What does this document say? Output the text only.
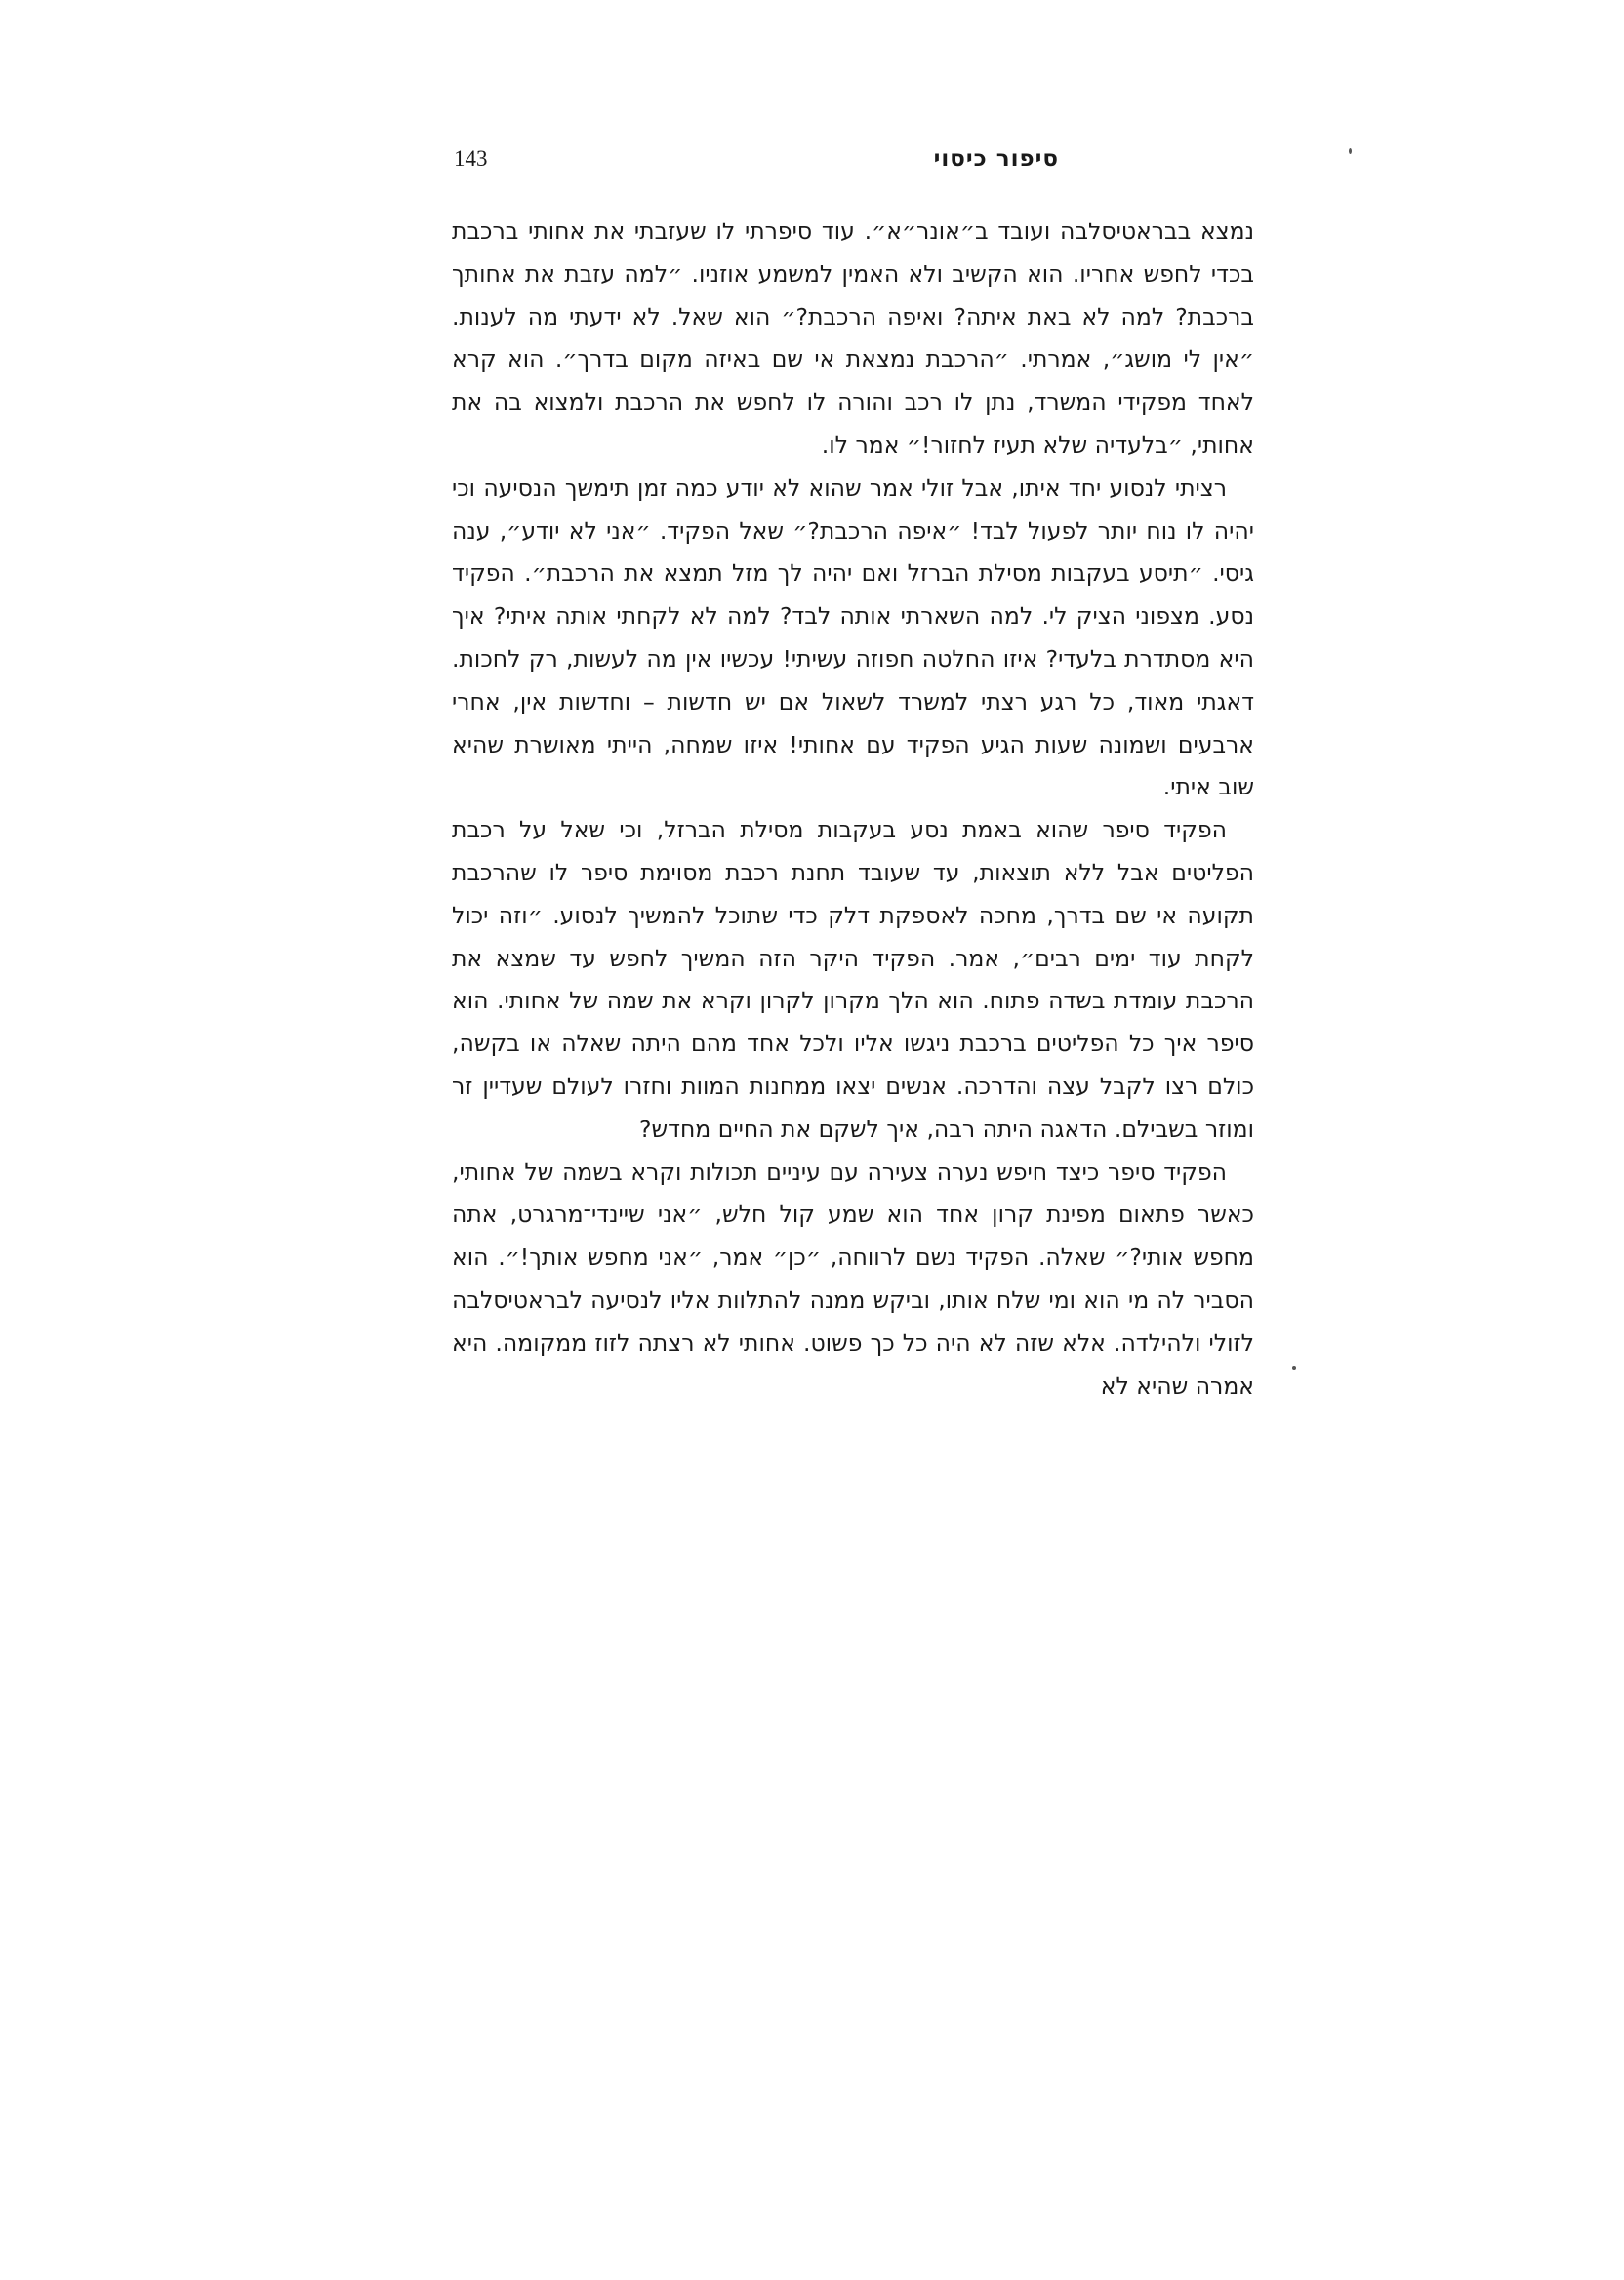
143	סיפור כיסוי

נמצא בבראטיסלבה ועובד ב״אונר״א״. עוד סיפרתי לו שעזבתי את אחותי ברכבת בכדי לחפש אחריו. הוא הקשיב ולא האמין למשמע אוזניו. ״למה עזבת את אחותך ברכבת? למה לא באת איתה? ואיפה הרכבת?״ הוא שאל. לא ידעתי מה לענות. ״אין לי מושג״, אמרתי. ״הרכבת נמצאת אי שם באיזה מקום בדרך״. הוא קרא לאחד מפקידי המשרד, נתן לו רכב והורה לו לחפש את הרכבת ולמצוא בה את אחותי, ״בלעדיה שלא תעיז לחזור!״ אמר לו.

רציתי לנסוע יחד איתו, אבל זולי אמר שהוא לא יודע כמה זמן תימשך הנסיעה וכי יהיה לו נוח יותר לפעול לבד! ״איפה הרכבת?״ שאל הפקיד. ״אני לא יודע״, ענה גיסי. ״תיסע בעקבות מסילת הברזל ואם יהיה לך מזל תמצא את הרכבת״. הפקיד נסע. מצפוני הציק לי. למה השארתי אותה לבד? למה לא לקחתי אותה איתי? איך היא מסתדרת בלעדי? איזו החלטה חפוזה עשיתי! עכשיו אין מה לעשות, רק לחכות. דאגתי מאוד, כל רגע רצתי למשרד לשאול אם יש חדשות – וחדשות אין, אחרי ארבעים ושמונה שעות הגיע הפקיד עם אחותי! איזו שמחה, הייתי מאושרת שהיא שוב איתי.

הפקיד סיפר שהוא באמת נסע בעקבות מסילת הברזל, וכי שאל על רכבת הפליטים אבל ללא תוצאות, עד שעובד תחנת רכבת מסוימת סיפר לו שהרכבת תקועה אי שם בדרך, מחכה לאספקת דלק כדי שתוכל להמשיך לנסוע. ״וזה יכול לקחת עוד ימים רבים״, אמר. הפקיד היקר הזה המשיך לחפש עד שמצא את הרכבת עומדת בשדה פתוח. הוא הלך מקרון לקרון וקרא את שמה של אחותי. הוא סיפר איך כל הפליטים ברכבת ניגשו אליו ולכל אחד מהם היתה שאלה או בקשה, כולם רצו לקבל עצה והדרכה. אנשים יצאו ממחנות המוות וחזרו לעולם שעדיין זר ומוזר בשבילם. הדאגה היתה רבה, איך לשקם את החיים מחדש?

הפקיד סיפר כיצד חיפש נערה צעירה עם עיניים תכולות וקרא בשמה של אחותי, כאשר פתאום מפינת קרון אחד הוא שמע קול חלש, ״אני שיינדי־מרגרט, אתה מחפש אותי?״ שאלה. הפקיד נשם לרווחה, ״כן״ אמר, ״אני מחפש אותך!״. הוא הסביר לה מי הוא ומי שלח אותו, וביקש ממנה להתלוות אליו לנסיעה לבראטיסלבה לזולי ולהילדה. אלא שזה לא היה כל כך פשוט. אחותי לא רצתה לזוז ממקומה. היא אמרה שהיא לא
